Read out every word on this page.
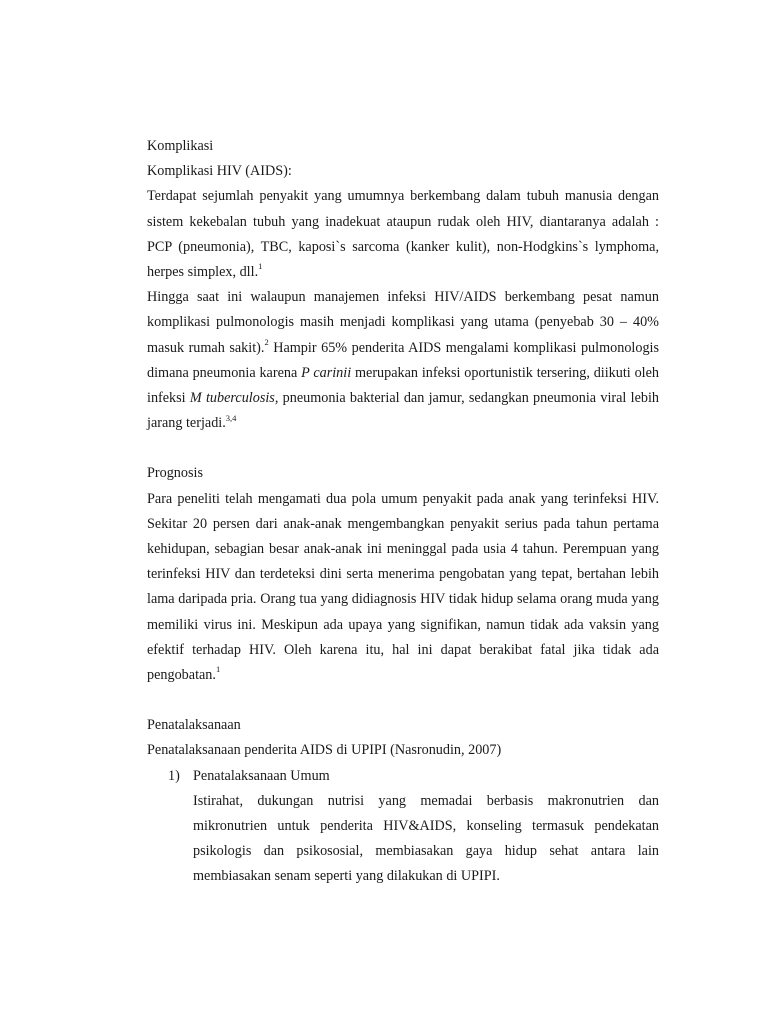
Komplikasi
Komplikasi HIV (AIDS):

Terdapat sejumlah penyakit yang umumnya berkembang dalam tubuh manusia dengan sistem kekebalan tubuh yang inadekuat ataupun rudak oleh HIV, diantaranya adalah : PCP (pneumonia), TBC, kaposi`s sarcoma (kanker kulit), non-Hodgkins`s lymphoma, herpes simplex, dll.$^1$

Hingga saat ini walaupun manajemen infeksi HIV/AIDS berkembang pesat namun komplikasi pulmonologis masih menjadi komplikasi yang utama (penyebab 30 – 40% masuk rumah sakit).$^2$ Hampir 65% penderita AIDS mengalami komplikasi pulmonologis dimana pneumonia karena P carinii merupakan infeksi oportunistik tersering, diikuti oleh infeksi M tuberculosis, pneumonia bakterial dan jamur, sedangkan pneumonia viral lebih jarang terjadi.$^{3,4}$

Prognosis

Para peneliti telah mengamati dua pola umum penyakit pada anak yang terinfeksi HIV. Sekitar 20 persen dari anak-anak mengembangkan penyakit serius pada tahun pertama kehidupan, sebagian besar anak-anak ini meninggal pada usia 4 tahun. Perempuan yang terinfeksi HIV dan terdeteksi dini serta menerima pengobatan yang tepat, bertahan lebih lama daripada pria. Orang tua yang didiagnosis HIV tidak hidup selama orang muda yang memiliki virus ini. Meskipun ada upaya yang signifikan, namun tidak ada vaksin yang efektif terhadap HIV. Oleh karena itu, hal ini dapat berakibat fatal jika tidak ada pengobatan.$^1$

Penatalaksanaan
Penatalaksanaan penderita AIDS di UPIPI (Nasronudin, 2007)
1) Penatalaksanaan Umum

Istirahat, dukungan nutrisi yang memadai berbasis makronutrien dan mikronutrien untuk penderita HIV&AIDS, konseling termasuk pendekatan psikologis dan psikososial, membiasakan gaya hidup sehat antara lain membiasakan senam seperti yang dilakukan di UPIPI.
